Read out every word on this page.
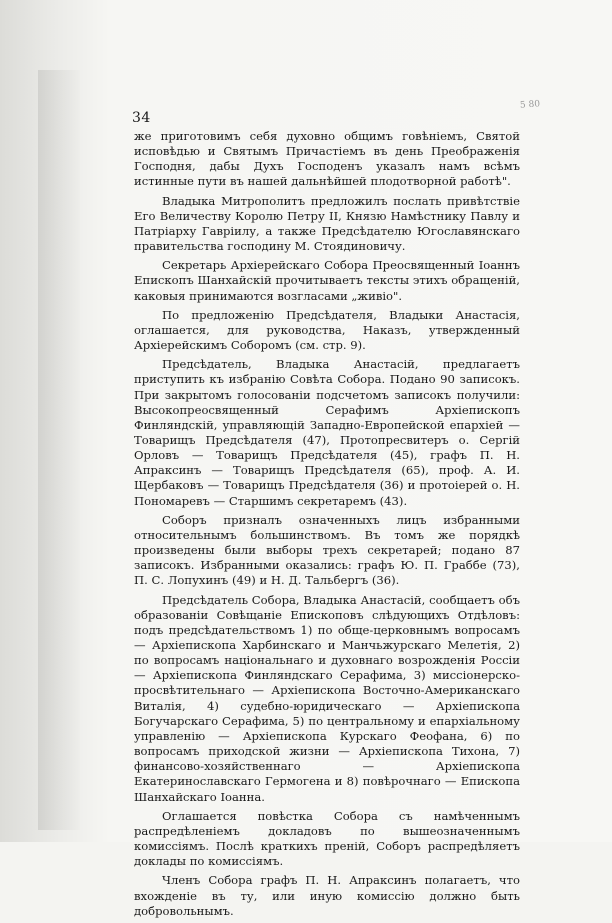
5 80
34

же приготовимъ себя духовно общимъ говѣніемъ, Святой исповѣдью и Святымъ Причастіемъ въ день Преображенія Господня, дабы Духъ Господенъ указалъ намъ всѣмъ истинные пути въ нашей дальнѣйшей плодотворной работѣ".

Владыка Митрополитъ предложилъ послать привѣтствіе Его Величеству Королю Петру II, Князю Намѣстнику Павлу и Патріарху Гавріилу, а также Предсѣдателю Югославянскаго правительства господину М. Стоядиновичу.

Секретарь Архіерейскаго Собора Преосвященный Іоаннъ Епископъ Шанхайскій прочитываетъ тексты этихъ обращеній, каковыя принимаются возгласами „живіо".

По предложенію Предсѣдателя, Владыки Анастасія, оглашается, для руководства, Наказъ, утвержденный Архіерейскимъ Соборомъ (см. стр. 9).

Предсѣдатель, Владыка Анастасій, предлагаетъ приступить къ избранію Совѣта Собора. Подано 90 записокъ. При закрытомъ голосованіи подсчетомъ записокъ получили: Высокопреосвященный Серафимъ Архіепископъ Финляндскій, управляющій Западно-Европейской епархіей — Товарищъ Предсѣдателя (47), Протопресвитеръ о. Сергій Орловъ — Товарищъ Предсѣдателя (45), графъ П. Н. Апраксинъ — Товарищъ Предсѣдателя (65), проф. А. И. Щербаковъ — Товарищъ Предсѣдателя (36) и протоіерей о. Н. Пономаревъ — Старшимъ секретаремъ (43).

Соборъ призналъ означенныхъ лицъ избранными относительнымъ большинствомъ. Въ томъ же порядкѣ произведены были выборы трехъ секретарей; подано 87 записокъ. Избранными оказались: графъ Ю. П. Граббе (73), П. С. Лопухинъ (49) и Н. Д. Тальбергъ (36).

Предсѣдатель Собора, Владыка Анастасій, сообщаетъ объ образованіи Совѣщаніе Епископовъ слѣдующихъ Отдѣловъ: подъ предсѣдательствомъ 1) по обще-церковнымъ вопросамъ — Архіепископа Харбинскаго и Манчьжурскаго Мелетія, 2) по вопросамъ національнаго и духовнаго возрожденія Россіи — Архіепископа Финляндскаго Серафима, 3) миссіонерско-просвѣтительнаго — Архіепископа Восточно-Американскаго Виталія, 4) судебно-юридическаго — Архіепископа Богучарскаго Серафима, 5) по центральному и епархіальному управленію — Архіепископа Курскаго Феофана, 6) по вопросамъ приходской жизни — Архіепископа Тихона, 7) финансово-хозяйственнаго — Архіепископа Екатеринославскаго Гермогена и 8) повѣрочнаго — Епископа Шанхайскаго Іоанна.

Оглашается повѣстка Собора съ намѣченнымъ распредѣленіемъ докладовъ по вышеозначеннымъ комиссіямъ. Послѣ краткихъ преній, Соборъ распредѣляетъ доклады по комиссіямъ.

Членъ Собора графъ П. Н. Апраксинъ полагаетъ, что вхожденіе въ ту, или иную комиссію должно быть добровольнымъ.
